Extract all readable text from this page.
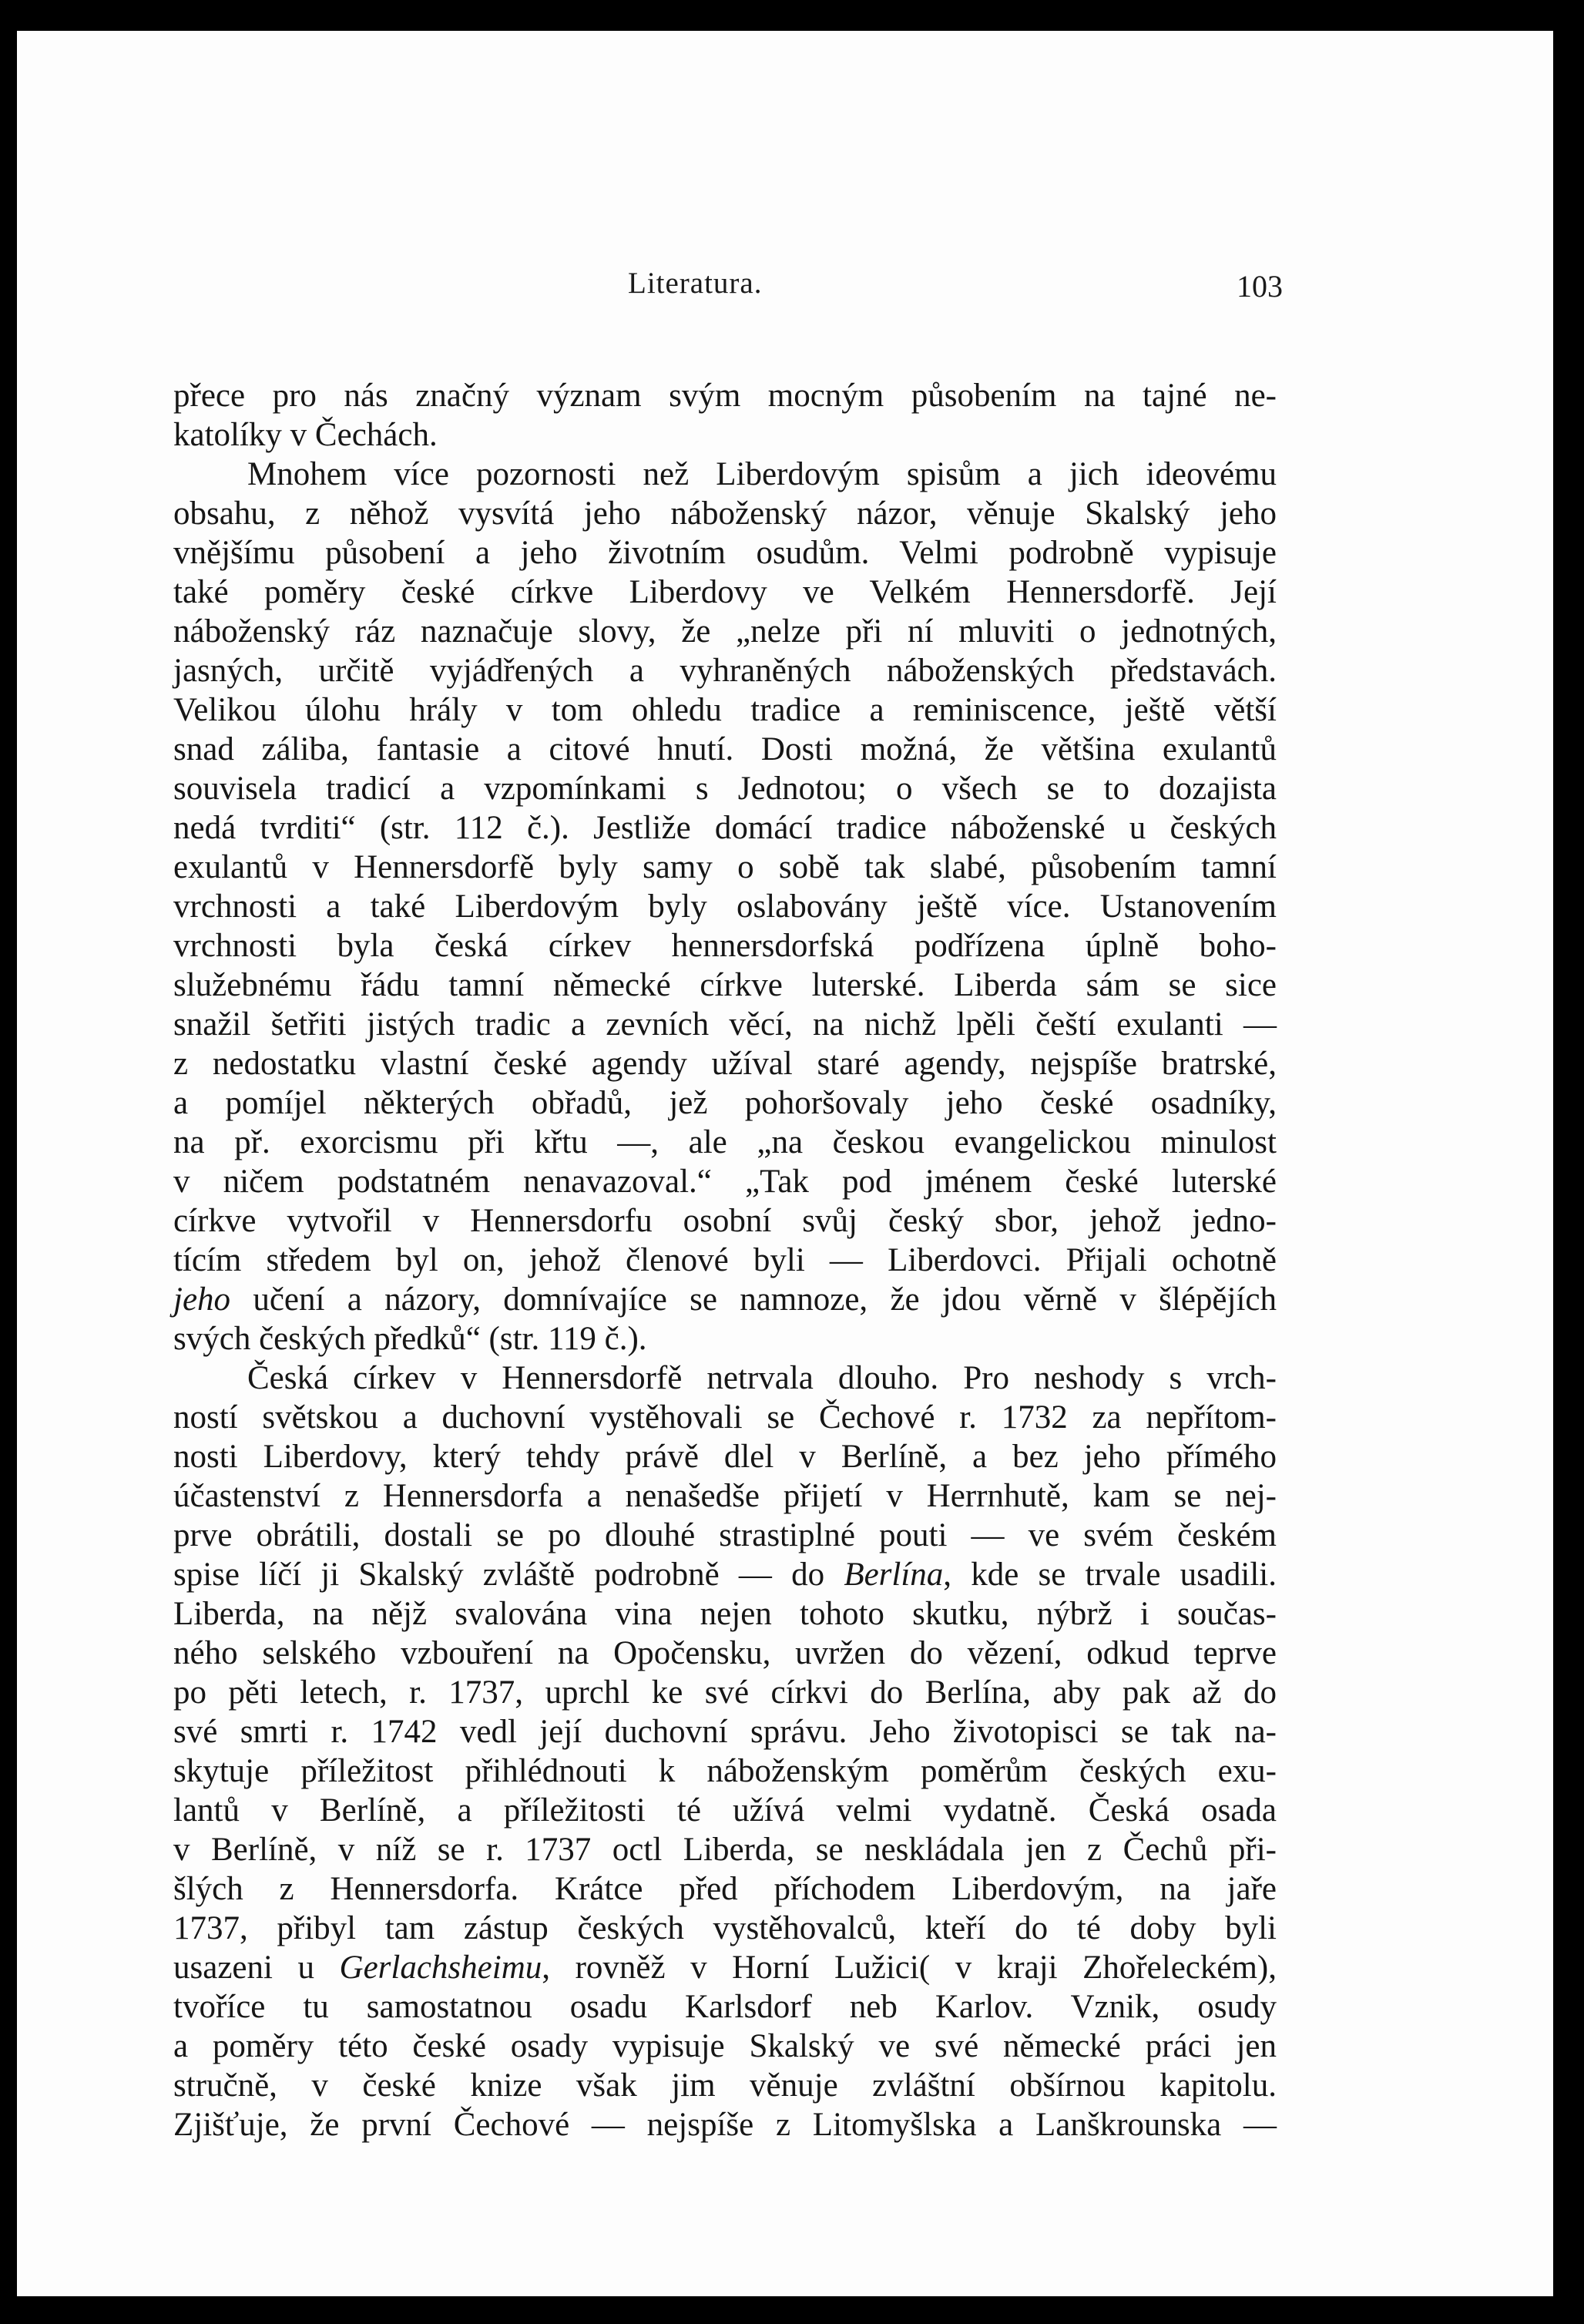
Literatura.	103
přece pro nás značný význam svým mocným působením na tajné ne-
katolíky v Čechách.
Mnohem více pozornosti než Liberdovým spisům a jich ideovému
obsahu, z něhož vysvítá jeho náboženský názor, věnuje Skalský jeho
vnějšímu působení a jeho životním osudům. Velmi podrobně vypisuje
také poměry české církve Liberdovy ve Velkém Hennersdorfě. Její
náboženský ráz naznačuje slovy, že „nelze při ní mluviti o jednotných,
jasných, určitě vyjádřených a vyhraněných náboženských představách.
Velikou úlohu hrály v tom ohledu tradice a reminiscence, ještě větší
snad záliba, fantasie a citové hnutí. Dosti možná, že většina exulantů
souvisela tradicí a vzpomínkami s Jednotou; o všech se to dozajista
nedá tvrditi“ (str. 112 č.). Jestliže domácí tradice náboženské u českých
exulantů v Hennersdorfě byly samy o sobě tak slabé, působením tamní
vrchnosti a také Liberdovým byly oslabovány ještě více. Ustanovením
vrchnosti byla česká církev hennersdorfská podřízena úplně boho-
služebnému řádu tamní německé církve luterské. Liberda sám se sice
snažil šetřiti jistých tradic a zevních věcí, na nichž lpěli čeští exulanti —
z nedostatku vlastní české agendy užíval staré agendy, nejspíše bratrské,
a pomíjel některých obřadů, jež pohoršovaly jeho české osadníky,
na př. exorcismu při křtu —, ale „na českou evangelickou minulost
v ničem podstatném nenavazoval.“ „Tak pod jménem české luterské
církve vytvořil v Hennersdorfu osobní svůj český sbor, jehož jedno-
tícím středem byl on, jehož členové byli — Liberdovci. Přijali ochotně
jeho učení a názory, domnívajíce se namnoze, že jdou věrně v šlépějích
svých českých předků“ (str. 119 č.).
Česká církev v Hennersdorfě netrvala dlouho. Pro neshody s vrch-
ností světskou a duchovní vystěhovali se Čechové r. 1732 za nepřítom-
nosti Liberdovy, který tehdy právě dlel v Berlíně, a bez jeho přímého
účastenství z Hennersdorfa a nenašedše přijetí v Herrnhutě, kam se nej-
prve obrátili, dostali se po dlouhé strastiplné pouti — ve svém českém
spise líčí ji Skalský zvláště podrobně — do Berlína, kde se trvale usadili.
Liberda, na nějž svalována vina nejen tohoto skutku, nýbrž i součas-
ného selského vzbouření na Opočensku, uvržen do vězení, odkud teprve
po pěti letech, r. 1737, uprchl ke své církvi do Berlína, aby pak až do
své smrti r. 1742 vedl její duchovní správu. Jeho životopisci se tak na-
skytuje příležitost přihlédnouti k náboženským poměrům českých exu-
lantů v Berlíně, a příležitosti té užívá velmi vydatně. Česká osada
v Berlíně, v níž se r. 1737 octl Liberda, se neskládala jen z Čechů při-
šlých z Hennersdorfa. Krátce před příchodem Liberdovým, na jaře
1737, přibyl tam zástup českých vystěhovalců, kteří do té doby byli
usazeni u Gerlachsheimu, rovněž v Horní Lužici( v kraji Zhořeleckém),
tvoříce tu samostatnou osadu Karlsdorf neb Karlov. Vznik, osudy
a poměry této české osady vypisuje Skalský ve své německé práci jen
stručně, v české knize však jim věnuje zvláštní obšírnou kapitolu.
Zjišťuje, že první Čechové — nejspíše z Litomyšlska a Lanškrounska —
